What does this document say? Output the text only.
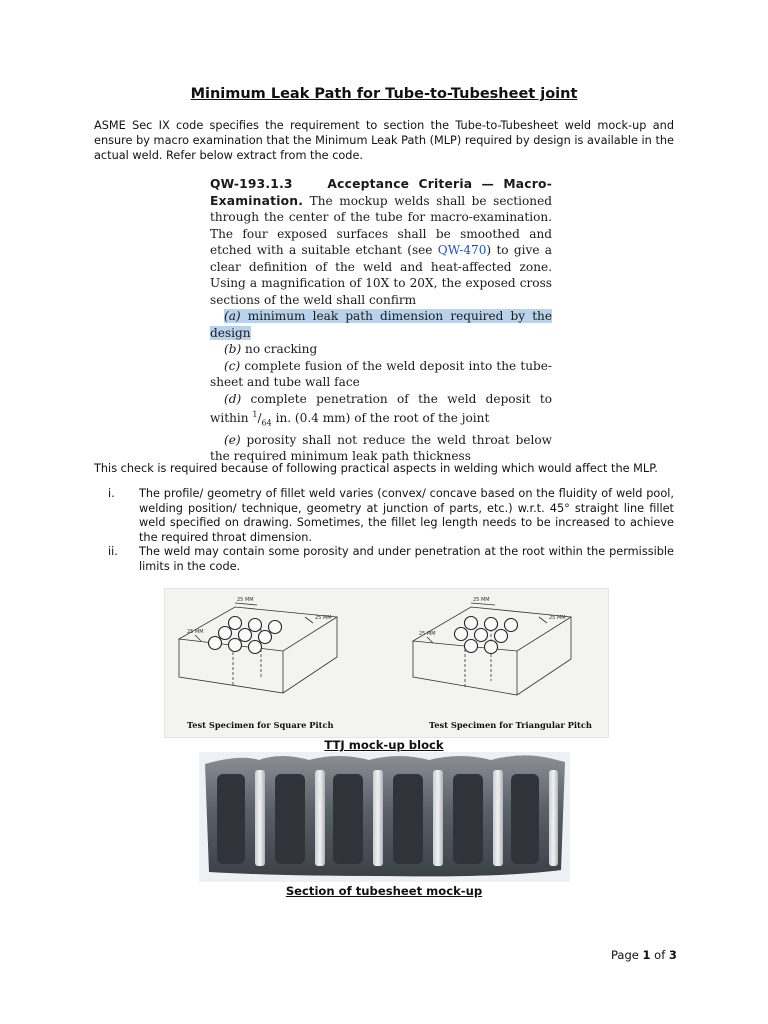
Minimum Leak Path for Tube-to-Tubesheet joint

ASME Sec IX code specifies the requirement to section the Tube-to-Tubesheet weld mock-up and ensure by macro examination that the Minimum Leak Path (MLP) required by design is available in the actual weld. Refer below extract from the code.

QW-193.1.3	Acceptance Criteria — Macro-Examination. The mockup welds shall be sectioned through the center of the tube for macro-examination. The four exposed surfaces shall be smoothed and etched with a suitable etchant (see QW-470) to give a clear definition of the weld and heat-affected zone. Using a magnification of 10X to 20X, the exposed cross sections of the weld shall confirm

(a) minimum leak path dimension required by the design

(b) no cracking

(c) complete fusion of the weld deposit into the tube-sheet and tube wall face

(d) complete penetration of the weld deposit to within $^1/_{64}$ in. (0.4 mm) of the root of the joint

(e) porosity shall not reduce the weld throat below the required minimum leak path thickness

This check is required because of following practical aspects in welding which would affect the MLP.

i. The profile/ geometry of fillet weld varies (convex/ concave based on the fluidity of weld pool, welding position/ technique, geometry at junction of parts, etc.) w.r.t. 45° straight line fillet weld specified on drawing. Sometimes, the fillet leg length needs to be increased to achieve the required throat dimension.
ii. The weld may contain some porosity and under penetration at the root within the permissible limits in the code.
25 MM
25 MM
25 MM
25 MM
25 MM
25 MM
Test Specimen for Square Pitch	Test Specimen for Triangular Pitch
TTJ mock-up block
Section of tubesheet mock-up
Page 1 of 3
